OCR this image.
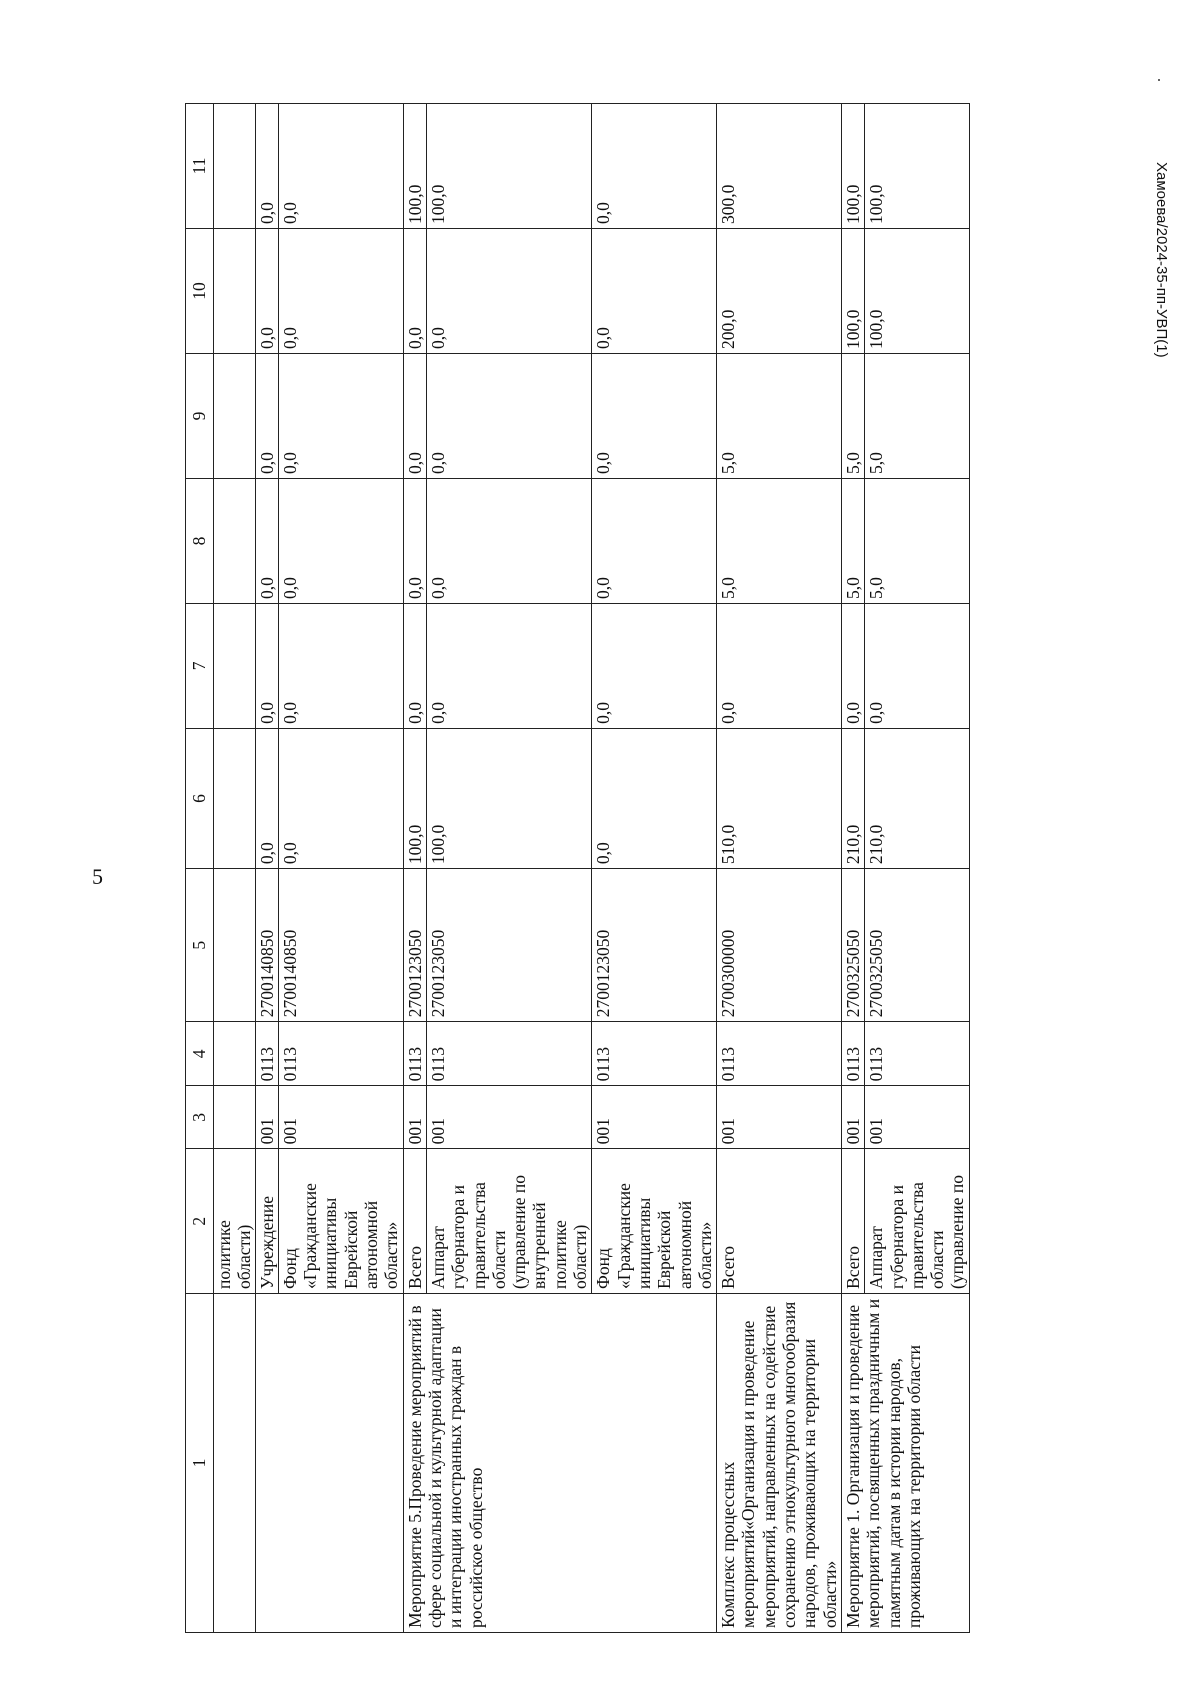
5
Хамоева/2024-35-пп-УВП(1)
1	2	3	4	5	6	7	8	9	10	11
	политике области)									
	Учреждение	001	0113	2700140850	0,0	0,0	0,0	0,0	0,0	0,0
	Фонд «Гражданские инициативы Еврейской автономной области»	001	0113	2700140850	0,0	0,0	0,0	0,0	0,0	0,0
Мероприятие 5.Проведение мероприятий в сфере социальной и культурной адаптации и интеграции иностранных граждан в российское общество	Всего	001	0113	2700123050	100,0	0,0	0,0	0,0	0,0	100,0
	Аппарат губернатора и правительства области (управление по внутренней политике области)	001	0113	2700123050	100,0	0,0	0,0	0,0	0,0	100,0
	Фонд «Гражданские инициативы Еврейской автономной области»	001	0113	2700123050	0,0	0,0	0,0	0,0	0,0	0,0
Комплекс процессных мероприятий«Организация и проведение мероприятий, направленных на содействие сохранению этнокультурного многообразия народов, проживающих на территории области»	Всего	001	0113	2700300000	510,0	0,0	5,0	5,0	200,0	300,0
Мероприятие 1. Организация и проведение мероприятий, посвященных праздничным и памятным датам в истории народов, проживающих на территории области	Всего	001	0113	2700325050	210,0	0,0	5,0	5,0	100,0	100,0
	Аппарат губернатора и правительства области (управление по	001	0113	2700325050	210,0	0,0	5,0	5,0	100,0	100,0
